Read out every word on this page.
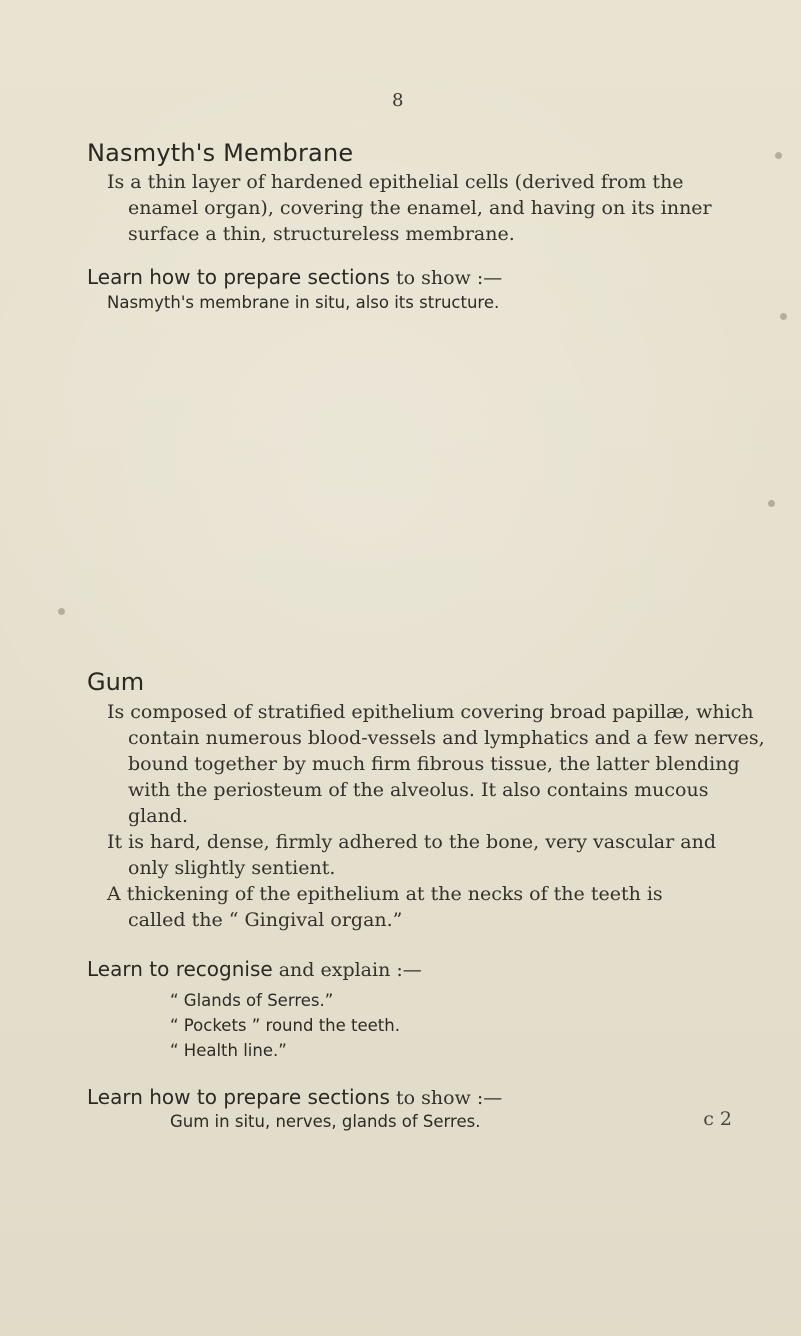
8
Nasmyth's Membrane
Is a thin layer of hardened epithelial cells (derived from the
enamel organ), covering the enamel, and having on its inner
surface a thin, structureless membrane.
Learn how to prepare sections to show :—
Nasmyth's membrane in situ, also its structure.
Gum
Is composed of stratified epithelium covering broad papillæ, which
contain numerous blood-vessels and lymphatics and a few nerves,
bound together by much firm fibrous tissue, the latter blending
with the periosteum of the alveolus. It also contains mucous
gland.
It is hard, dense, firmly adhered to the bone, very vascular and
only slightly sentient.
A thickening of the epithelium at the necks of the teeth is
called the “ Gingival organ.”
Learn to recognise and explain :—
“ Glands of Serres.”
“ Pockets ” round the teeth.
“ Health line.”
Learn how to prepare sections to show :—
Gum in situ, nerves, glands of Serres.	c 2
